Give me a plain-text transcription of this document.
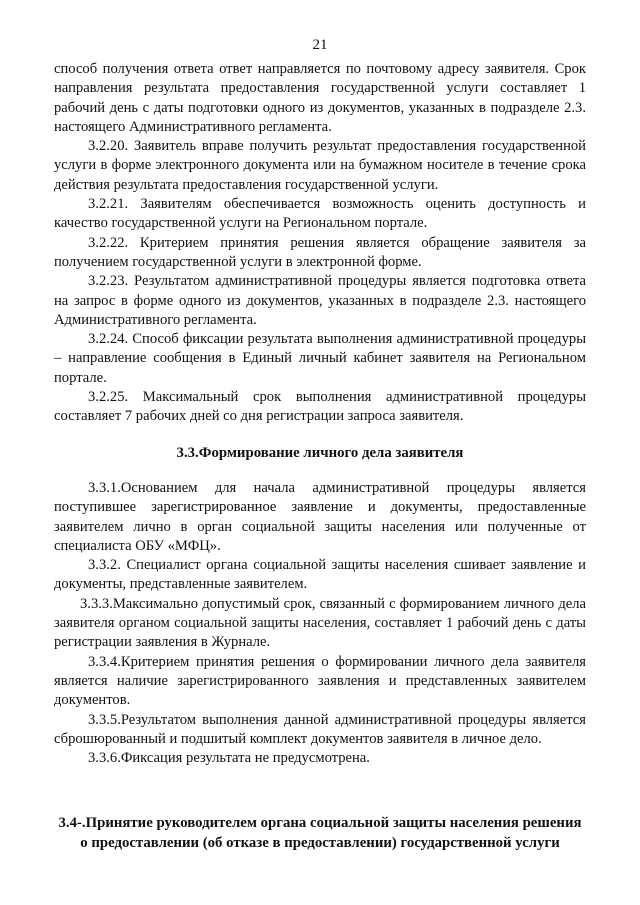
21

способ получения ответа ответ направляется по почтовому адресу заявителя. Срок направления результата предоставления государственной услуги составляет 1 рабочий день с даты подготовки одного из документов, указанных в подразделе 2.3. настоящего Административного регламента.

3.2.20. Заявитель вправе получить результат предоставления государственной услуги в форме электронного документа или на бумажном носителе в течение срока действия результата предоставления государственной услуги.

3.2.21. Заявителям обеспечивается возможность оценить доступность и качество государственной услуги на Региональном портале.

3.2.22. Критерием принятия решения является обращение заявителя за получением государственной услуги в электронной форме.

3.2.23. Результатом административной процедуры является подготовка ответа на запрос в форме одного из документов, указанных в подразделе 2.3. настоящего Административного регламента.

3.2.24. Способ фиксации результата выполнения административной процедуры – направление сообщения в Единый личный кабинет заявителя на Региональном портале.

3.2.25. Максимальный срок выполнения административной процедуры составляет 7 рабочих дней со дня регистрации запроса заявителя.

3.3.Формирование личного дела заявителя

3.3.1.Основанием для начала административной процедуры является поступившее зарегистрированное заявление и документы, предоставленные заявителем лично в орган социальной защиты населения или полученные от специалиста ОБУ «МФЦ».

3.3.2. Специалист органа социальной защиты населения сшивает заявление и документы, представленные заявителем.

3.3.3.Максимально допустимый срок, связанный с формированием личного дела заявителя органом социальной защиты населения, составляет 1 рабочий день с даты регистрации заявления в Журнале.

3.3.4.Критерием принятия решения о формировании личного дела заявителя является наличие зарегистрированного заявления и представленных заявителем документов.

3.3.5.Результатом выполнения данной административной процедуры является сброшюрованный и подшитый комплект документов заявителя в личное дело.

3.3.6.Фиксация результата не предусмотрена.

3.4-.Принятие руководителем органа социальной защиты населения решения о предоставлении (об отказе в предоставлении) государственной услуги
